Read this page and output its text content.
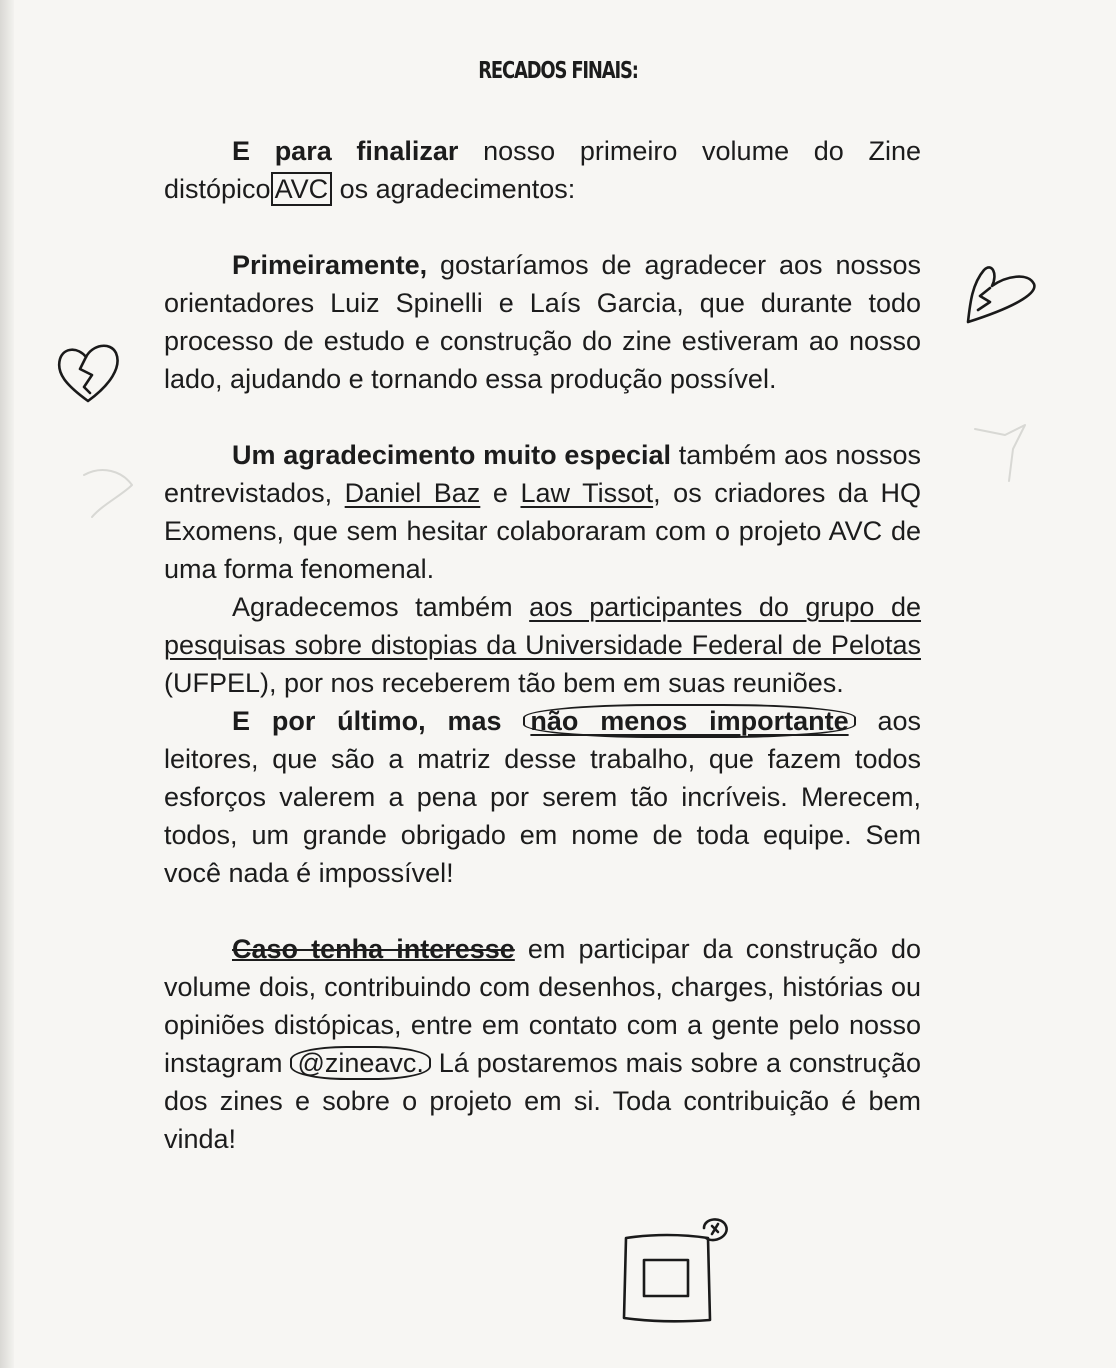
RECADOS FINAIS:

E para finalizar nosso primeiro volume do Zine distópico AVC os agradecimentos:

Primeiramente, gostaríamos de agradecer aos nossos orientadores Luiz Spinelli e Laís Garcia, que durante todo processo de estudo e construção do zine estiveram ao nosso lado, ajudando e tornando essa produção possível.

Um agradecimento muito especial também aos nossos entrevistados, Daniel Baz e Law Tissot, os criadores da HQ Exomens, que sem hesitar colaboraram com o projeto AVC de uma forma fenomenal.

Agradecemos também aos participantes do grupo de pesquisas sobre distopias da Universidade Federal de Pelotas (UFPEL), por nos receberem tão bem em suas reuniões.

E por último, mas não menos importante aos leitores, que são a matriz desse trabalho, que fazem todos esforços valerem a pena por serem tão incríveis. Merecem, todos, um grande obrigado em nome de toda equipe. Sem você nada é impossível!

Caso tenha interesse em participar da construção do volume dois, contribuindo com desenhos, charges, histórias ou opiniões distópicas, entre em contato com a gente pelo nosso instagram @zineavc. Lá postaremos mais sobre a construção dos zines e sobre o projeto em si. Toda contribuição é bem vinda!
